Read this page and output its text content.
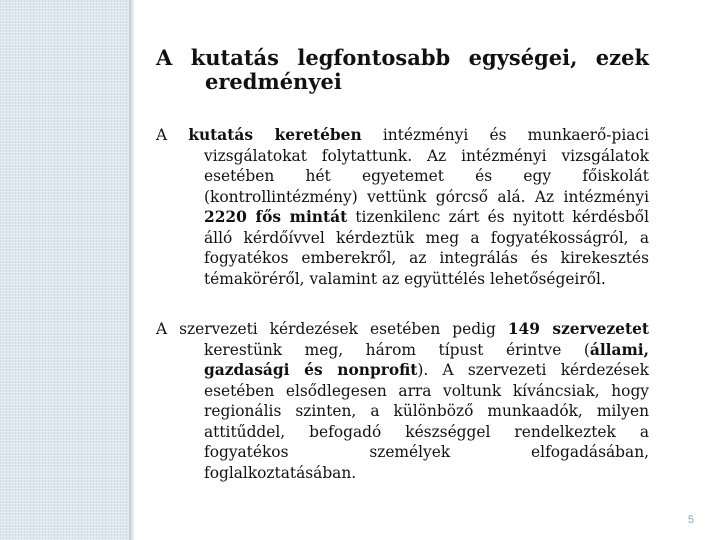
A kutatás legfontosabb egységei, ezek
eredményei

A kutatás keretében intézményi és munkaerő-piaci vizsgálatokat folytattunk. Az intézményi vizsgálatok esetében hét egyetemet és egy főiskolát (kontrollintézmény) vettünk górcső alá. Az intézményi 2220 fős mintát tizenkilenc zárt és nyitott kérdésből álló kérdőívvel kérdeztük meg a fogyatékosságról, a fogyatékos emberekről, az integrálás és kirekesztés témaköréről, valamint az együttélés lehetőségeiről.

A szervezeti kérdezések esetében pedig 149 szervezetet kerestünk meg, három típust érintve (állami, gazdasági és nonprofit). A szervezeti kérdezések esetében elsődlegesen arra voltunk kíváncsiak, hogy regionális szinten, a különböző munkaadók, milyen attitűddel, befogadó készséggel rendelkeztek a fogyatékos személyek elfogadásában, foglalkoztatásában.

5
